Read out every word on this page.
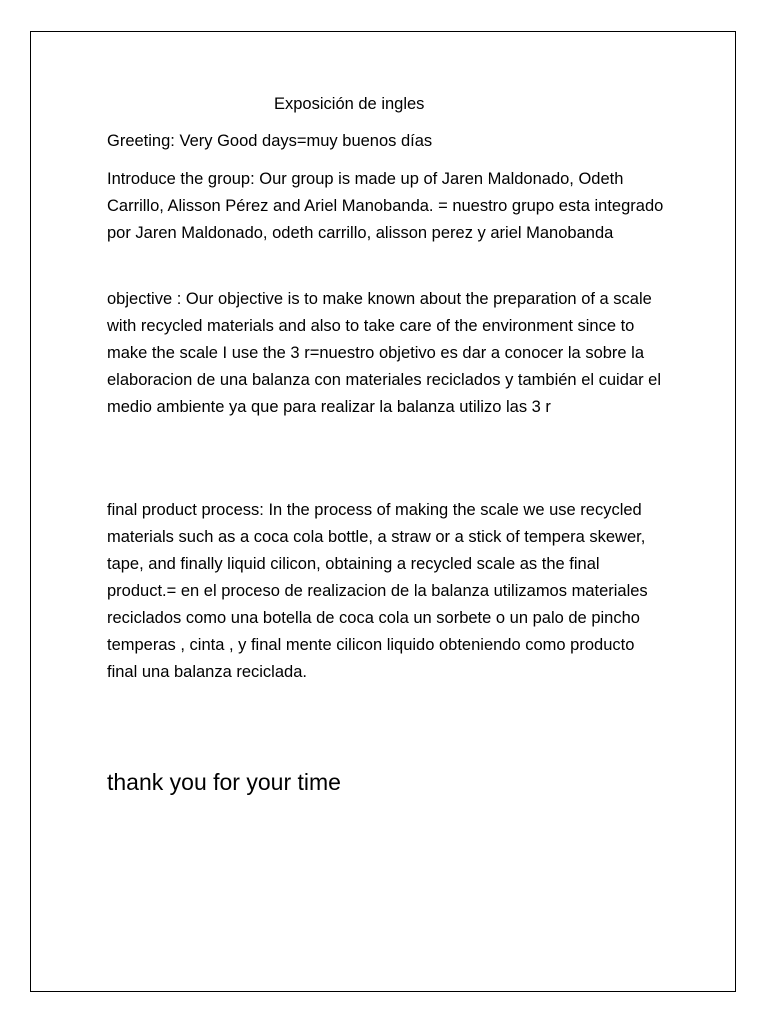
Exposición de ingles

Greeting: Very Good days=muy buenos días

Introduce the group: Our group is made up of Jaren Maldonado, Odeth Carrillo, Alisson Pérez and Ariel Manobanda. = nuestro grupo esta integrado por Jaren Maldonado, odeth carrillo, alisson perez y ariel Manobanda

objective : Our objective is to make known about the preparation of a scale with recycled materials and also to take care of the environment since to make the scale I use the 3 r=nuestro objetivo es dar a conocer la sobre la elaboracion de una balanza con materiales reciclados y también el cuidar el medio ambiente ya que para realizar la balanza utilizo las 3 r

final product process: In the process of making the scale we use recycled materials such as a coca cola bottle, a straw or a stick of tempera skewer, tape, and finally liquid cilicon, obtaining a recycled scale as the final product.= en el proceso de realizacion de la balanza utilizamos materiales reciclados como una botella de coca cola un sorbete o un palo de pincho temperas , cinta , y final mente cilicon liquido obteniendo como producto final una balanza reciclada.

thank you for your time
